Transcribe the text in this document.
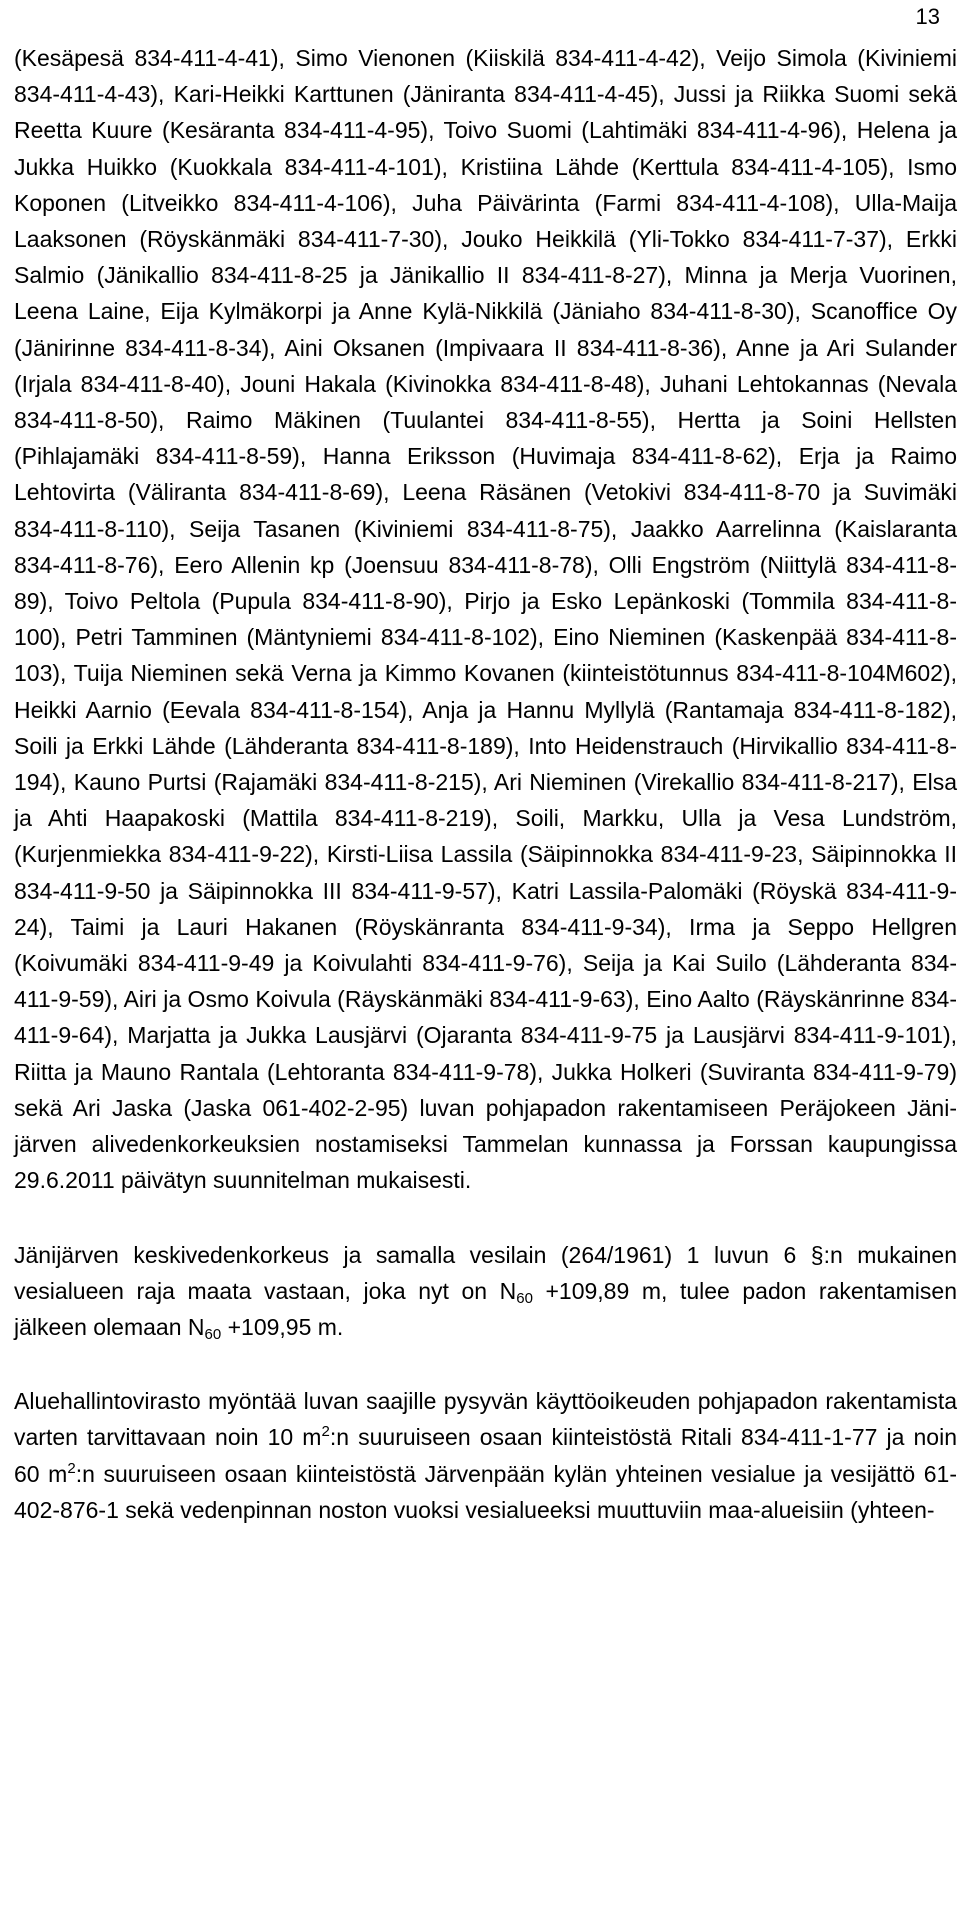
13

(Kesäpesä 834-411-4-41), Simo Vienonen (Kiiskilä 834-411-4-42), Veijo Simola (Kiviniemi 834-411-4-43), Kari-Heikki Karttunen (Jäniranta 834-411-4-45), Jussi ja Riikka Suomi sekä Reetta Kuure (Kesäranta 834-411-4-95), Toivo Suomi (Lahtimäki 834-411-4-96), Helena ja Jukka Huikko (Kuokkala 834-411-4-101), Kristiina Lähde (Kerttula 834-411-4-105), Ismo Koponen (Litveikko 834-411-4-106), Juha Päivärinta (Farmi 834-411-4-108), Ulla-Maija Laaksonen (Röyskänmäki 834-411-7-30), Jouko Heikkilä (Yli-Tokko 834-411-7-37), Erkki Salmio (Jänikallio 834-411-8-25 ja Jänikallio II 834-411-8-27), Minna ja Merja Vuorinen, Leena Laine, Eija Kylmäkorpi ja Anne Kylä-Nikkilä (Jäniaho 834-411-8-30), Scanoffice Oy (Jänirinne 834-411-8-34), Aini Oksanen (Impivaara II 834-411-8-36), Anne ja Ari Sulander (Irjala 834-411-8-40), Jouni Hakala (Kivinokka 834-411-8-48), Juhani Lehtokannas (Nevala 834-411-8-50), Raimo Mäkinen (Tuulantei 834-411-8-55), Hertta ja Soini Hellsten (Pihlajamäki 834-411-8-59), Hanna Eriksson (Huvimaja 834-411-8-62), Erja ja Raimo Lehtovirta (Väliranta 834-411-8-69), Leena Räsänen (Vetokivi 834-411-8-70 ja Suvimäki 834-411-8-110), Seija Tasanen (Kiviniemi 834-411-8-75), Jaakko Aarrelinna (Kaislaranta 834-411-8-76), Eero Allenin kp (Joensuu 834-411-8-78), Olli Engström (Niittylä 834-411-8-89), Toivo Peltola (Pupula 834-411-8-90), Pirjo ja Esko Lepänkoski (Tommila 834-411-8-100), Petri Tamminen (Mäntyniemi 834-411-8-102), Eino Nieminen (Kaskenpää 834-411-8-103), Tuija Nieminen sekä Verna ja Kimmo Kovanen (kiinteistötunnus 834-411-8-104M602), Heikki Aarnio (Eevala 834-411-8-154), Anja ja Hannu Myllylä (Rantamaja 834-411-8-182), Soili ja Erkki Lähde (Lähderanta 834-411-8-189), Into Heidenstrauch (Hirvikallio 834-411-8-194), Kauno Purtsi (Rajamäki 834-411-8-215), Ari Nieminen (Virekallio 834-411-8-217), Elsa ja Ahti Haapakoski (Mattila 834-411-8-219), Soili, Markku, Ulla ja Vesa Lundström, (Kurjenmiekka 834-411-9-22), Kirsti-Liisa Lassila (Säipinnokka 834-411-9-23, Säipinnokka II 834-411-9-50 ja Säipinnokka III 834-411-9-57), Katri Lassila-Palomäki (Röyskä 834-411-9-24), Taimi ja Lauri Hakanen (Röyskänranta 834-411-9-34), Irma ja Seppo Hellgren (Koivumäki 834-411-9-49 ja Koivulahti 834-411-9-76), Seija ja Kai Suilo (Lähderanta 834-411-9-59), Airi ja Osmo Koivula (Räyskänmäki 834-411-9-63), Eino Aalto (Räyskänrinne 834-411-9-64), Marjatta ja Jukka Lausjärvi (Ojaranta 834-411-9-75 ja Lausjärvi 834-411-9-101), Riitta ja Mauno Rantala (Lehtoranta 834-411-9-78), Jukka Holkeri (Suviranta 834-411-9-79) sekä Ari Jaska (Jaska 061-402-2-95) luvan pohjapadon rakentamiseen Peräjokeen Jänijärven alivedenkorkeuksien nostamiseksi Tammelan kunnassa ja Forssan kaupungissa 29.6.2011 päivätyn suunnitelman mukaisesti.

Jänijärven keskivedenkorkeus ja samalla vesilain (264/1961) 1 luvun 6 §:n mukainen vesialueen raja maata vastaan, joka nyt on $N_{60} +109,89$ m, tulee padon rakentamisen jälkeen olemaan $N_{60} +109,95$ m.

Aluehallintovirasto myöntää luvan saajille pysyvän käyttöoikeuden pohjapadon rakentamista varten tarvittavaan noin 10 $m^2:n$ suuruiseen osaan kiinteistöstä Ritali 834-411-1-77 ja noin 60 $m^2:n$ suuruiseen osaan kiinteistöstä Järvenpään kylän yhteinen vesialue ja vesijättö 61-402-876-1 sekä vedenpinnan noston vuoksi vesialueeksi muuttuviin maa-alueisiin (yhteen-
